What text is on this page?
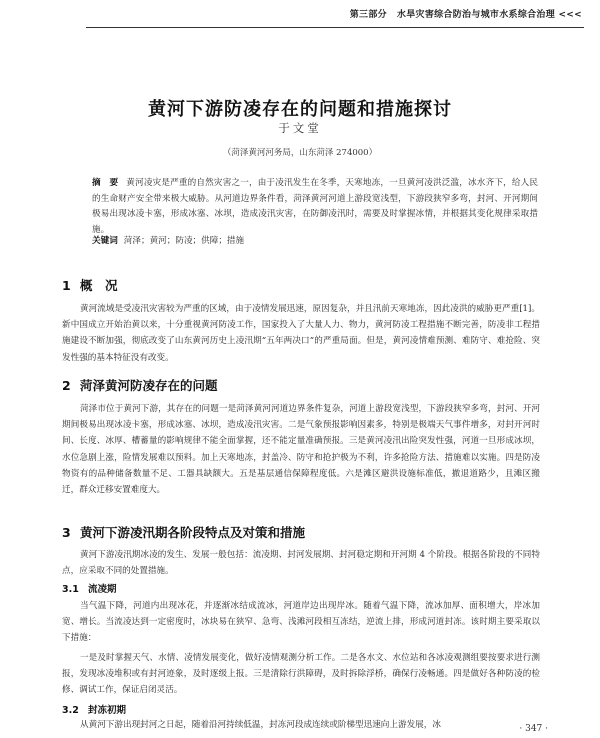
第三部分 水旱灾害综合防治与城市水系综合治理 <<<
黄河下游防凌存在的问题和措施探讨
于文堂
（菏泽黄河河务局，山东菏泽 274000）
摘　要 黄河凌灾是严重的自然灾害之一，由于凌汛发生在冬季，天寒地冻，一旦黄河凌洪泛滥，冰水齐下，给人民的生命财产安全带来极大威胁。从河道边界条件看，菏泽黄河河道上游段宽浅型，下游段狭窄多弯，封河、开河期间极易出现冰凌卡塞，形成冰塞、冰坝，造成凌汛灾害，在防御凌汛时，需要及时掌握冰情，并根据其变化规律采取措施。
关键词 菏泽；黄河；防凌；供障；措施
1 概　况
黄河流域是受凌汛灾害较为严重的区域，由于凌情发展迅速，原因复杂，并且汛前天寒地冻，因此凌洪的威胁更严重[1]。新中国成立开始治黄以来，十分重视黄河防凌工作，国家投入了大量人力、物力，黄河防凌工程措施不断完善，防凌非工程措施建设不断加强，彻底改变了山东黄河历史上凌汛期“五年两决口”的严重局面。但是，黄河凌情难预测、难防守、难抢险、突发性强的基本特征没有改变。
2 菏泽黄河防凌存在的问题
菏泽市位于黄河下游，其存在的问题一是菏泽黄河河道边界条件复杂，河道上游段宽浅型，下游段狭窄多弯，封河、开河期间极易出现冰凌卡塞，形成冰塞、冰坝，造成凌汛灾害。二是气象预报影响因素多，特别是极端天气事件增多，对封开河时间、长度、冰厚、槽蓄量的影响规律不能全面掌握，还不能定量准确预报。三是黄河凌汛出险突发性强，河道一旦形成冰坝，水位急剧上涨，险情发展难以预料。加上天寒地冻，封盖冷、防守和抢护极为不利，许多抢险方法、措施难以实施。四是防凌物资有的品种储备数量不足、工器具缺额大。五是基层通信保障程度低。六是滩区避洪设施标准低，撤退道路少，且滩区搬迁，群众迁移安置难度大。
3 黄河下游凌汛期各阶段特点及对策和措施
黄河下游凌汛期冰凌的发生、发展一般包括：流凌期、封河发展期、封河稳定期和开河期 4 个阶段。根据各阶段的不同特点，应采取不同的处置措施。
3.1 流凌期
当气温下降，河道内出现冰花，并逐渐冰结成流冰，河道岸边出现岸冰。随着气温下降，流冰加厚、面积增大，岸冰加宽、增长。当流凌达到一定密度时，冰块易在狭窄、急弯、浅滩河段相互冻结，逆流上排，形成河道封冻。该时期主要采取以下措施：
一是及时掌握天气、水情、凌情发展变化，做好凌情观测分析工作。二是各水文、水位站和各冰凌观测组要按要求进行测报，发现冰凌堆积或有封河迹象，及时逐级上报。三是清除行洪障碍，及时拆除浮桥，确保行凌畅通。四是做好各种防凌的检修、调试工作，保证启闭灵活。
3.2 封冻初期
从黄河下游出现封河之日起，随着沿河持续低温，封冻河段成连续或阶梯型迅速向上游发展，冰	· 347 ·
